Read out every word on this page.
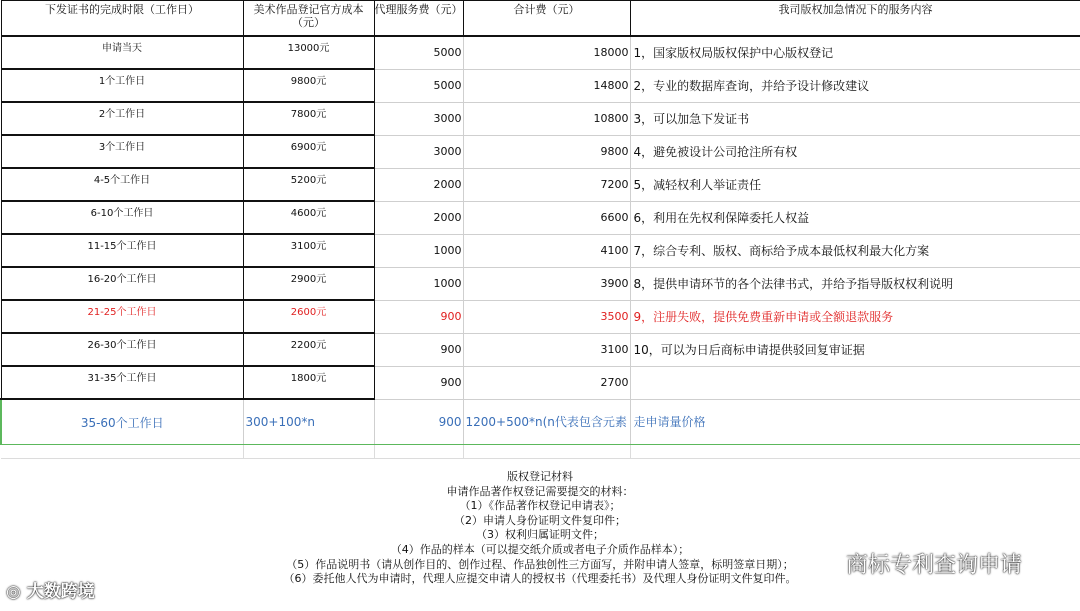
下发证书的完成时限（工作日）	美术作品登记官方成本（元）	代理服务费（元）	合计费（元）	我司版权加急情况下的服务内容

申请当天	13000元	5000	18000	1，国家版权局版权保护中心版权登记
1个工作日	9800元	5000	14800	2，专业的数据库查询，并给予设计修改建议
2个工作日	7800元	3000	10800	3，可以加急下发证书
3个工作日	6900元	3000	9800	4，避免被设计公司抢注所有权
4-5个工作日	5200元	2000	7200	5，减轻权利人举证责任
6-10个工作日	4600元	2000	6600	6，利用在先权利保障委托人权益
11-15个工作日	3100元	1000	4100	7，综合专利、版权、商标给予成本最低权利最大化方案
16-20个工作日	2900元	1000	3900	8，提供申请环节的各个法律书式，并给予指导版权权利说明
21-25个工作日	2600元	900	3500	9，注册失败，提供免费重新申请或全额退款服务
26-30个工作日	2200元	900	3100	10，可以为日后商标申请提供驳回复审证据
31-35个工作日	1800元	900	2700	
35-60个工作日	300+100*n	900	1200+500*n(n代表包含元素	走申请量价格

版权登记材料
申请作品著作权登记需要提交的材料：
（1）《作品著作权登记申请表》；
（2）申请人身份证明文件复印件；
（3）权利归属证明文件；
（4）作品的样本（可以提交纸介质或者电子介质作品样本）；
（5）作品说明书（请从创作目的、创作过程、作品独创性三方面写，并附申请人签章，标明签章日期）；
（6）委托他人代为申请时，代理人应提交申请人的授权书（代理委托书）及代理人身份证明文件复印件。
◎ 大数跨境
商标专利查询申请
